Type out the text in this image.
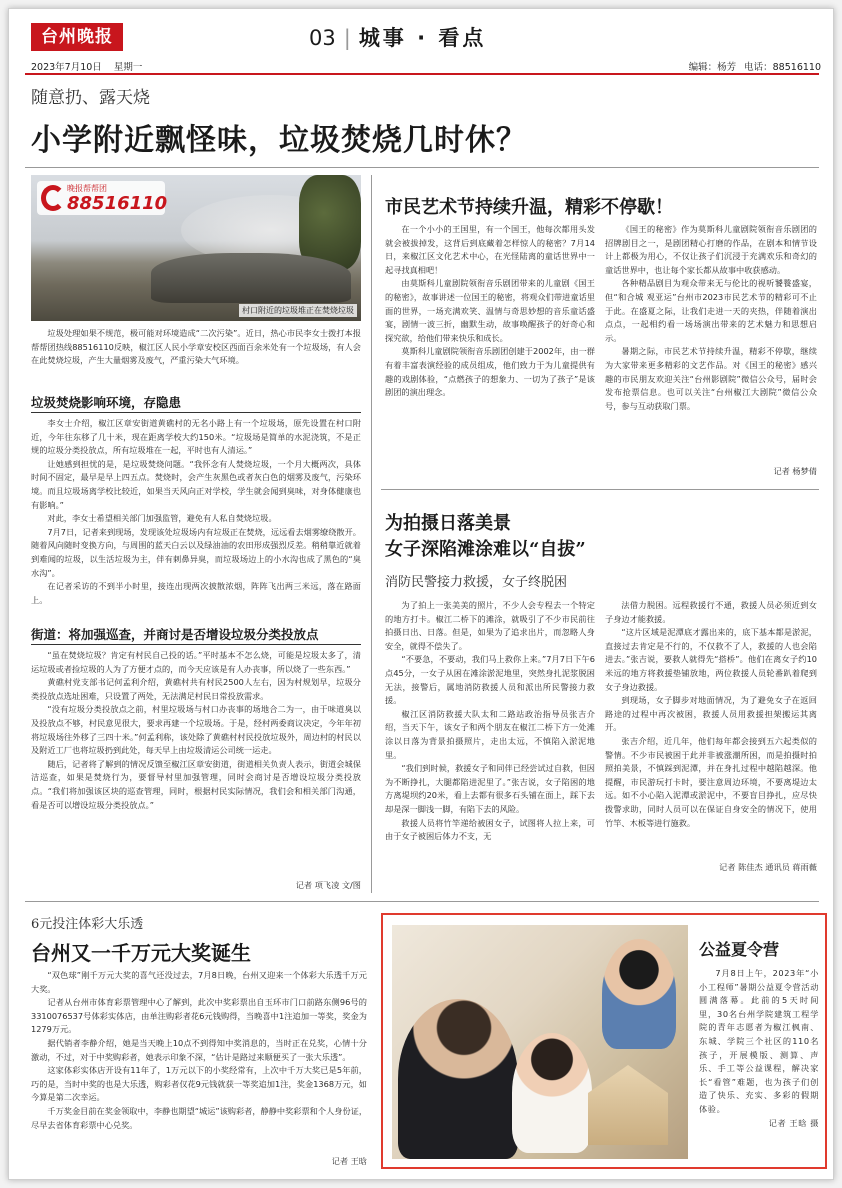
台州晚报	03 | 城事 · 看点
2023年7月10日 星期一	编辑：杨芳 电话：88516110
随意扔、露天烧
小学附近飘怪味，垃圾焚烧几时休？
晚报帮帮团
88516110
村口附近的垃圾堆正在焚烧垃圾

垃圾处理如果不规范，极可能对环境造成“二次污染”。近日，热心市民李女士拨打本报帮帮团热线88516110反映，椒江区人民小学章安校区西面百余米处有一个垃圾场，有人会在此焚烧垃圾，产生大量烟雾及废气，严重污染大气环境。

垃圾焚烧影响环境，存隐患

李女士介绍，椒江区章安街道黄礁村的无名小路上有一个垃圾场，原先设置在村口附近，今年往东移了几十米，现在距离学校大约150米。“垃圾场是简单的水泥浇筑，不是正规的垃圾分类投放点，所有垃圾堆在一起，平时也有人清运。”

让她感到担忧的是，是垃圾焚烧问题。“我怀念有人焚烧垃圾，一个月大概两次，具体时间不固定，最早是早上四五点。焚烧时，会产生灰黑色或者灰白色的烟雾及废气，污染环境。而且垃圾场离学校比较近，如果当天风向正对学校，学生就会闻到臭味，对身体健康也有影响。”

对此，李女士希望相关部门加强监管，避免有人私自焚烧垃圾。

7月7日，记者来到现场，发现该处垃圾场内有垃圾正在焚烧，远远看去烟雾缭绕散开。随着风向随时变换方向，与周围的蓝天白云以及绿油油的农田形成强烈反差。稍稍靠近就着到难闻的垃圾，以生活垃圾为主，伴有刺鼻异臭，而垃圾场边上的小水沟也成了黑色的“臭水沟”。

在记者采访的不到半小时里，接连出现两次披散浓烟，阵阵飞出两三米远，落在路面上。

街道：将加强巡查，并商讨是否增设垃圾分类投放点

“虽在焚烧垃圾？肯定有村民自己投的话。”平时基本不怎么烧，可能是垃圾太多了，清运垃圾或者捡垃圾的人为了方便才点的，而今天应该是有人办丧事，所以烧了一些东西。”

黄礁村党支部书记何孟利介绍，黄礁村共有村民2500人左右，因为村规划早，垃圾分类投放点选址困难，只设置了两处，无法满足村民日常投放需求。

“没有垃圾分类投放点之前，村里垃圾场与村口办丧事的场地合二为一，由于味道臭以及投放点不够，村民意见很大，要求再建一个垃圾场。于是，经村两委商议决定，今年年初将垃圾场往外移了三四十米。”何孟利称，该处除了黄礁村村民投放垃圾外，周边村的村民以及附近工厂也将垃圾扔到此处，每天早上由垃圾清运公司统一运走。

随后，记者将了解到的情况反馈至椒江区章安街道，街道相关负责人表示，街道会城保洁巡查，如果是焚烧行为，要督导村里加强管理，同时会商讨是否增设垃圾分类投放点。“我们将加强该区块的巡查管理，同时，根据村民实际情况，我们会和相关部门沟通，看是否可以增设垃圾分类投放点。”

记者 项飞凌 文/图

市民艺术节持续升温，精彩不停歇！

在一个小小的王国里，有一个国王，他每次都用头发就会被拔掉发，这背后到底藏着怎样惊人的秘密？7月14日，来椒江区文化艺术中心，在光怪陆离的童话世界中一起寻找真相吧！

由莫斯科儿童剧院领衔音乐剧团带来的儿童剧《国王的秘密》，故事讲述一位国王的秘密，将观众们带进童话里面的世界，一场充满欢笑、温情与奇思妙想的音乐童话盛宴，剧情一波三折，幽默生动，故事唤醒孩子的好奇心和探究欲，给他们带来快乐和成长。

莫斯科儿童剧院领衔音乐剧团创建于2002年，由一群有着丰富表演经验的成员组成，他们致力于为儿童提供有趣的戏剧体验，“点燃孩子的想象力、一切为了孩子”是该剧团的演出理念。

《国王的秘密》作为莫斯科儿童剧院领衔音乐剧团的招牌剧目之一，是剧团精心打磨的作品，在剧本和情节设计上都极为用心，不仅让孩子们沉浸于充满欢乐和奇幻的童话世界中，也让每个家长都从故事中收获感动。

各种精品剧目为观众带来无与伦比的视听饕餮盛宴，但“和合城 观亚运”台州市2023市民艺术节的精彩可不止于此。在盛夏之际，让我们走进一天的夹热，伴随着演出点点，一起相约看一场场演出带来的艺术魅力和思想启示。

暑期之际，市民艺术节持续升温，精彩不停歇，继续为大家带来更多精彩的文艺作品。对《国王的秘密》感兴趣的市民朋友欢迎关注“台州影剧院”微信公众号，届时会发布抢票信息。也可以关注“台州椒江大剧院”微信公众号，参与互动获取门票。

记者 杨梦倩

为拍摄日落美景
女子深陷滩涂难以“自拔”
消防民警接力救援，女子终脱困

为了拍上一张美美的照片，不少人会专程去一个特定的地方打卡。椒江二桥下的滩涂，就吸引了不少市民前往拍摄日出、日落。但是，如果为了追求出片，而忽略人身安全，就得不偿失了。

“不要急，不要动，我们马上救你上来。”7月7日下午6点45分，一女子从困在滩涂淤泥地里，突然身扎泥浆脱困无法，接警后，属地消防救援人员和派出所民警接力救援。

椒江区消防救援大队太和二路站政治指导员张吉介绍，当天下午，该女子和两个朋友在椒江二桥下方一处滩涂以日落为背景拍摄照片，走出太远，不慎陷入淤泥地里。

“我们到时候，救援女子和同伴已经尝试过自救，但因为不断挣扎，大腿都陷进泥里了。”张吉说，女子陷困的地方离堤坝约20米，看上去都有很多石头铺在面上，踩下去却是深一脚浅一脚，有陷下去的风险。

救援人员将竹竿递给被困女子，试图将人拉上来，可由于女子被困后体力不支，无

法借力脱困。远程救援行不通，救援人员必须近到女子身边才能救援。

“这片区域是泥潭底才露出来的，底下基本都是淤泥，直接过去肯定是不行的，不仅救不了人，救援的人也会陷进去。”张吉说，要救人就得先“搭桥”。他们在离女子约10米远的地方将救援垫铺放地，两位救援人员轮番趴着爬到女子身边救援。

到现场，女子脚步对地面情况，为了避免女子在返回路途的过程中再次被困，救援人员用救援担架搬运其离开。

张吉介绍，近几年，他们每年都会接到五六起类似的警情。不少市民被困于此并非被涨潮所困，而是拍摄时拍照拍美景，不慎踩到泥潭，并在身扎过程中越陷越深。他提醒，市民游玩打卡时，要注意周边环境，不要离堤边太远。如不小心陷入泥潭或淤泥中，不要盲目挣扎，应尽快拨警求助，同时人员可以在保证自身安全的情况下，使用竹竿、木板等进行施救。

记者 陈佳杰 通讯员 蒋雨薇

6元投注体彩大乐透
台州又一千万元大奖诞生

“双色球”刚千万元大奖的喜气还没过去，7月8日晚，台州又迎来一个体彩大乐透千万元大奖。

记者从台州市体育彩票管理中心了解到，此次中奖彩票出自玉环市门口前路东侧96号的3310076537号体彩实体店，由单注购彩者花6元钱购得，当晚喜中1注追加一等奖，奖金为1279万元。

据代销者李静介绍，她是当天晚上10点不到得知中奖消息的，当时正在兑奖，心情十分激动，不过，对于中奖购彩者，她表示印象不深，“估计是路过来顺便买了一张大乐透”。

这家体彩实体店开设有11年了，1万元以下的小奖经常有，上次中千万大奖已是5年前，巧的是，当时中奖的也是大乐透，购彩者仅花9元钱就获一等奖追加1注，奖金1368万元，如今算是第二次幸运。

千万奖金目前在奖金领取中，李静也期望“城运”该购彩者，静静中奖彩票和个人身份证，尽早去省体育彩票中心兑奖。

记者 王晗

公益夏令营

7月8日上午，2023年“小小工程师”暑期公益夏令营活动圆满落幕。此前的5天时间里，30名台州学院建筑工程学院的青年志愿者为椒江枫南、东城、学院三个社区的110名孩子，开展模版、测算、声乐、手工等公益课程，解决家长“看管”难题，也为孩子们创造了快乐、充实、多彩的假期体验。

记者 王晗 摄
